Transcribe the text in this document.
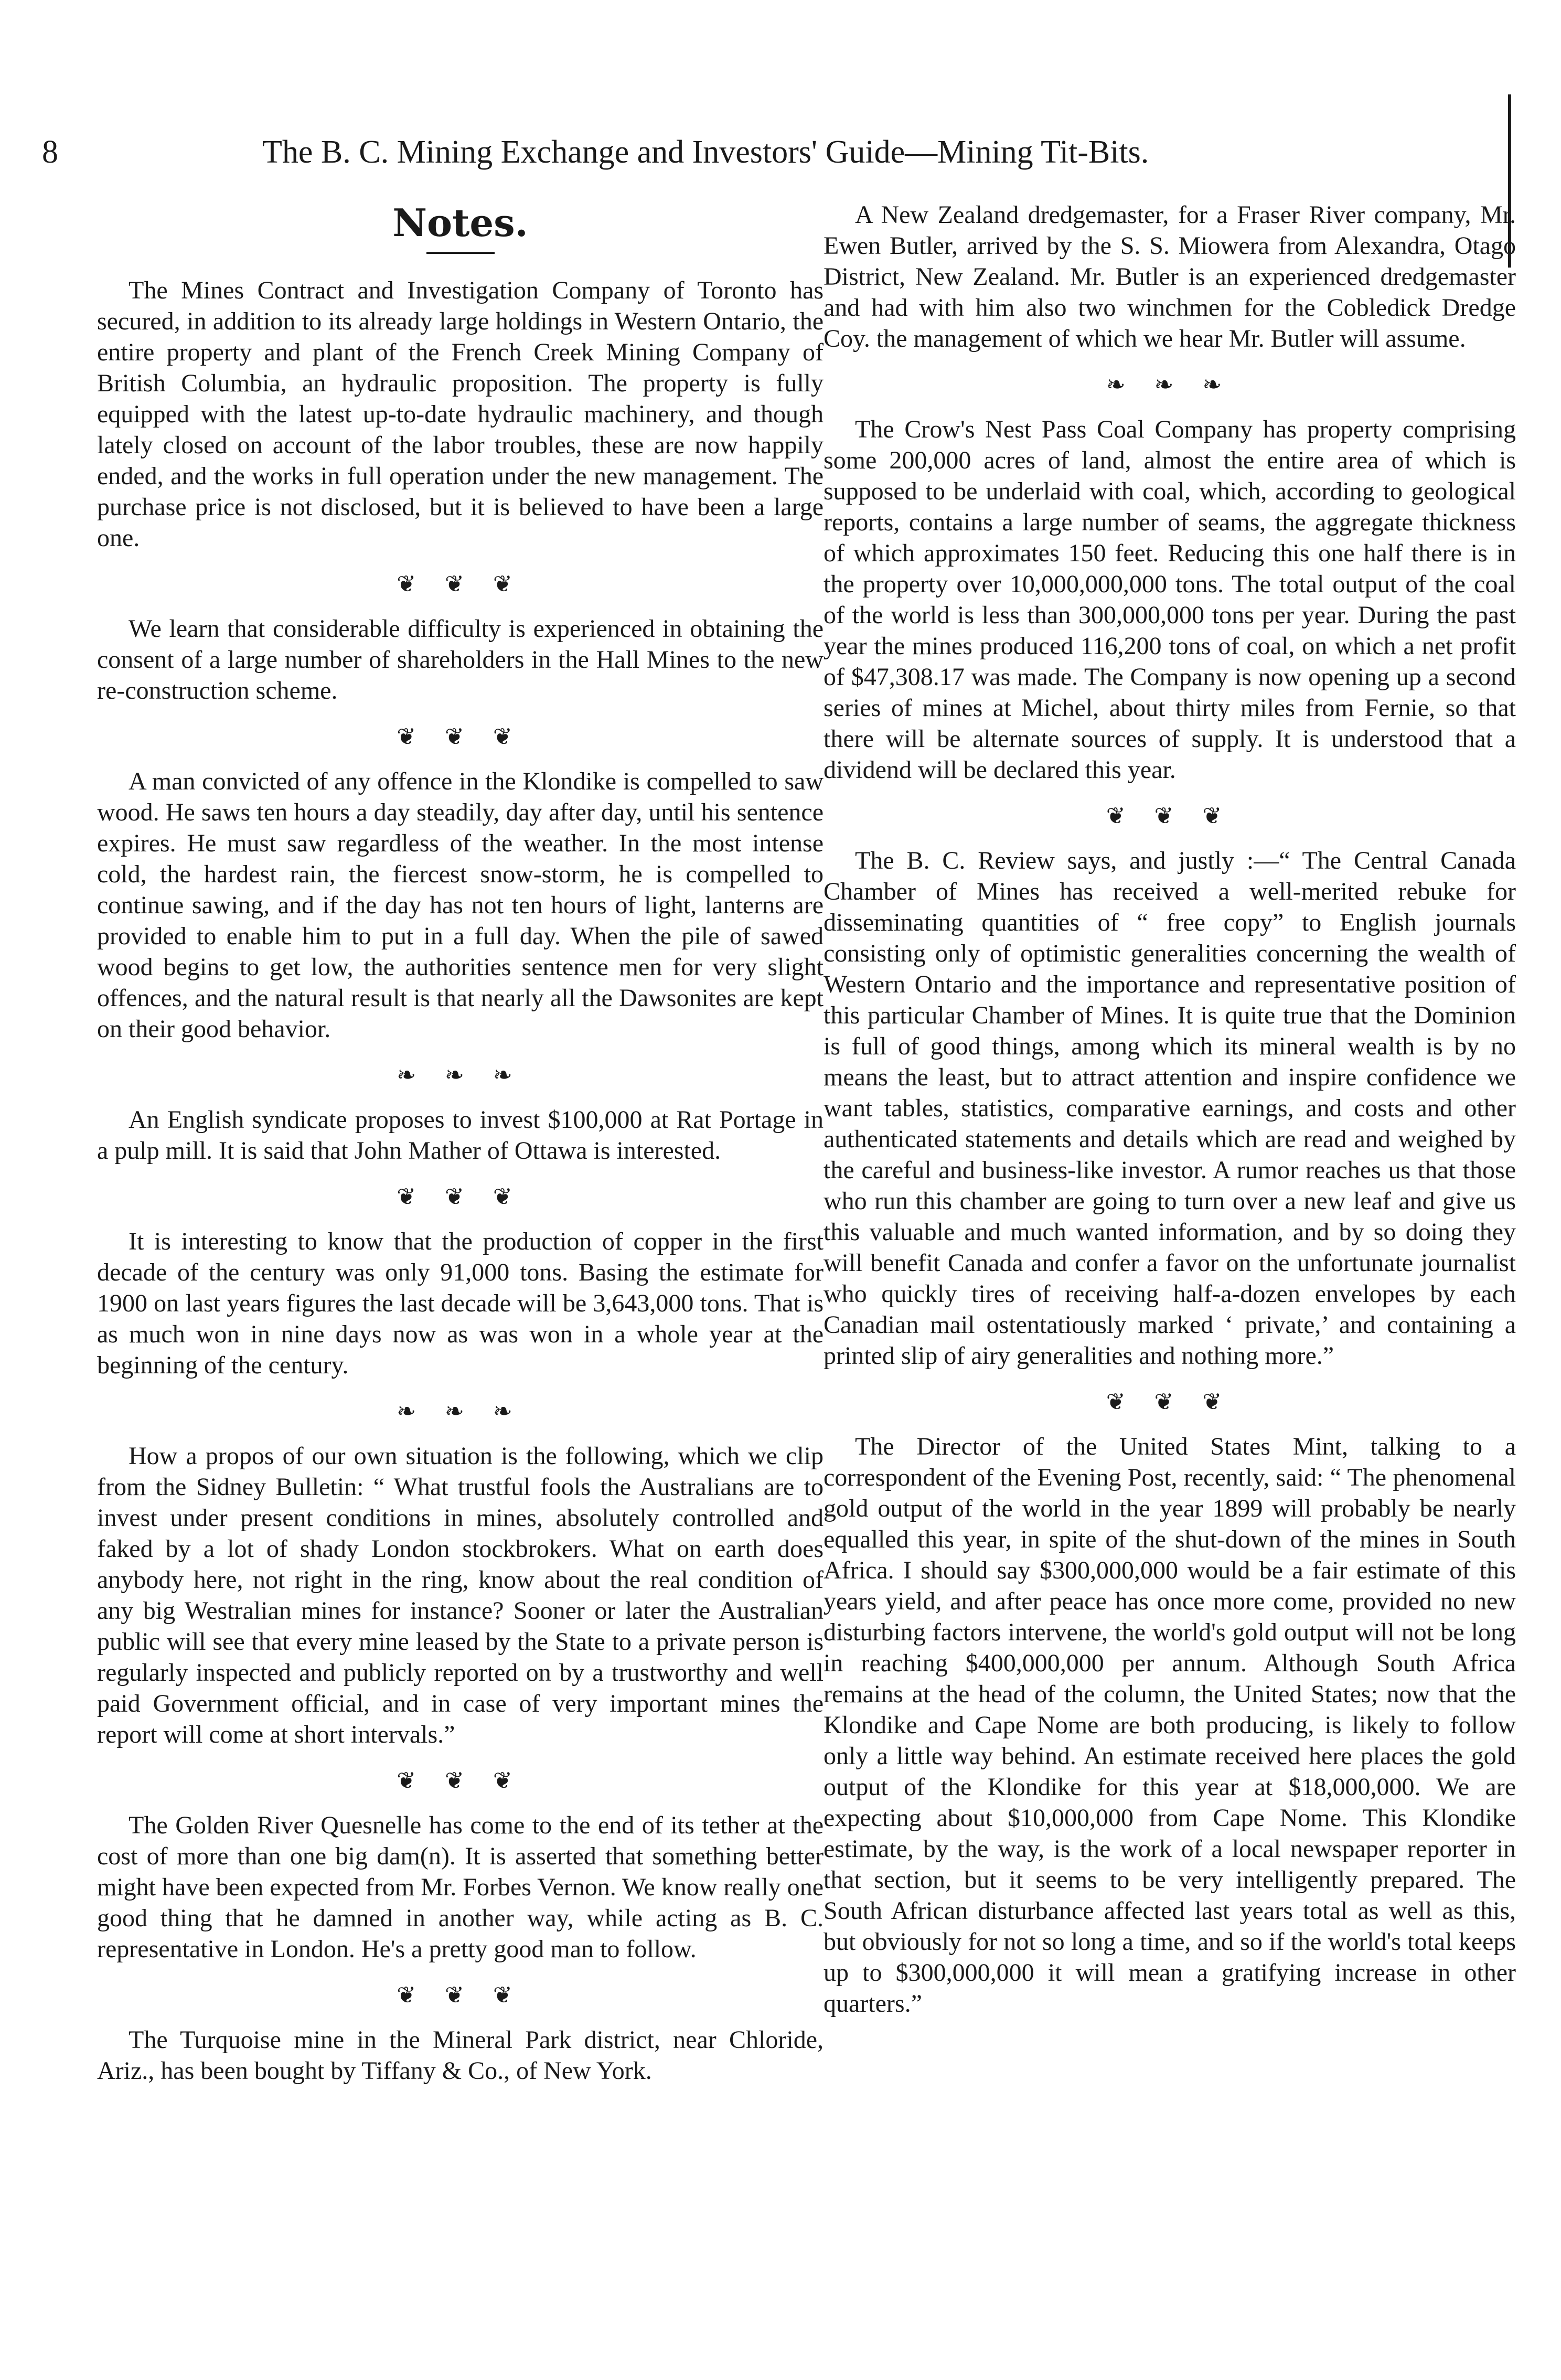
8	The B. C. Mining Exchange and Investors' Guide—Mining Tit-Bits.
Notes.

The Mines Contract and Investigation Company of Toronto has secured, in addition to its already large holdings in Western Ontario, the entire property and plant of the French Creek Mining Company of British Columbia, an hydraulic proposition. The property is fully equipped with the latest up-to-date hydraulic machinery, and though lately closed on account of the labor troubles, these are now happily ended, and the works in full operation under the new management. The purchase price is not disclosed, but it is believed to have been a large one.

❦ ❦ ❦

We learn that considerable difficulty is experienced in obtaining the consent of a large number of shareholders in the Hall Mines to the new re-construction scheme.

❦ ❦ ❦

A man convicted of any offence in the Klondike is compelled to saw wood. He saws ten hours a day steadily, day after day, until his sentence expires. He must saw regardless of the weather. In the most intense cold, the hardest rain, the fiercest snow-storm, he is compelled to continue sawing, and if the day has not ten hours of light, lanterns are provided to enable him to put in a full day. When the pile of sawed wood begins to get low, the authorities sentence men for very slight offences, and the natural result is that nearly all the Dawsonites are kept on their good behavior.

❧ ❧ ❧

An English syndicate proposes to invest $100,000 at Rat Portage in a pulp mill. It is said that John Mather of Ottawa is interested.

❦ ❦ ❦

It is interesting to know that the production of copper in the first decade of the century was only 91,000 tons. Basing the estimate for 1900 on last years figures the last decade will be 3,643,000 tons. That is as much won in nine days now as was won in a whole year at the beginning of the century.

❧ ❧ ❧

How a propos of our own situation is the following, which we clip from the Sidney Bulletin: “ What trustful fools the Australians are to invest under present conditions in mines, absolutely controlled and faked by a lot of shady London stockbrokers. What on earth does anybody here, not right in the ring, know about the real condition of any big Westralian mines for instance? Sooner or later the Australian public will see that every mine leased by the State to a private person is regularly inspected and publicly reported on by a trustworthy and well paid Government official, and in case of very important mines the report will come at short intervals.”

❦ ❦ ❦

The Golden River Quesnelle has come to the end of its tether at the cost of more than one big dam(n). It is asserted that something better might have been expected from Mr. Forbes Vernon. We know really one good thing that he damned in another way, while acting as B. C. representative in London. He's a pretty good man to follow.

❦ ❦ ❦

The Turquoise mine in the Mineral Park district, near Chloride, Ariz., has been bought by Tiffany & Co., of New York.

A New Zealand dredgemaster, for a Fraser River company, Mr. Ewen Butler, arrived by the S. S. Miowera from Alexandra, Otago District, New Zealand. Mr. Butler is an experienced dredgemaster and had with him also two winchmen for the Cobledick Dredge Coy. the management of which we hear Mr. Butler will assume.

❧ ❧ ❧

The Crow's Nest Pass Coal Company has property comprising some 200,000 acres of land, almost the entire area of which is supposed to be underlaid with coal, which, according to geological reports, contains a large number of seams, the aggregate thickness of which approximates 150 feet. Reducing this one half there is in the property over 10,000,000,000 tons. The total output of the coal of the world is less than 300,000,000 tons per year. During the past year the mines produced 116,200 tons of coal, on which a net profit of $47,308.17 was made. The Company is now opening up a second series of mines at Michel, about thirty miles from Fernie, so that there will be alternate sources of supply. It is understood that a dividend will be declared this year.

❦ ❦ ❦

The B. C. Review says, and justly :—“ The Central Canada Chamber of Mines has received a well-merited rebuke for disseminating quantities of “ free copy” to English journals consisting only of optimistic generalities concerning the wealth of Western Ontario and the importance and representative position of this particular Chamber of Mines. It is quite true that the Dominion is full of good things, among which its mineral wealth is by no means the least, but to attract attention and inspire confidence we want tables, statistics, comparative earnings, and costs and other authenticated statements and details which are read and weighed by the careful and business-like investor. A rumor reaches us that those who run this chamber are going to turn over a new leaf and give us this valuable and much wanted information, and by so doing they will benefit Canada and confer a favor on the unfortunate journalist who quickly tires of receiving half-a-dozen envelopes by each Canadian mail ostentatiously marked ‘ private,’ and containing a printed slip of airy generalities and nothing more.”

❦ ❦ ❦

The Director of the United States Mint, talking to a correspondent of the Evening Post, recently, said: “ The phenomenal gold output of the world in the year 1899 will probably be nearly equalled this year, in spite of the shut-down of the mines in South Africa. I should say $300,000,000 would be a fair estimate of this years yield, and after peace has once more come, provided no new disturbing factors intervene, the world's gold output will not be long in reaching $400,000,000 per annum. Although South Africa remains at the head of the column, the United States; now that the Klondike and Cape Nome are both producing, is likely to follow only a little way behind. An estimate received here places the gold output of the Klondike for this year at $18,000,000. We are expecting about $10,000,000 from Cape Nome. This Klondike estimate, by the way, is the work of a local newspaper reporter in that section, but it seems to be very intelligently prepared. The South African disturbance affected last years total as well as this, but obviously for not so long a time, and so if the world's total keeps up to $300,000,000 it will mean a gratifying increase in other quarters.”
